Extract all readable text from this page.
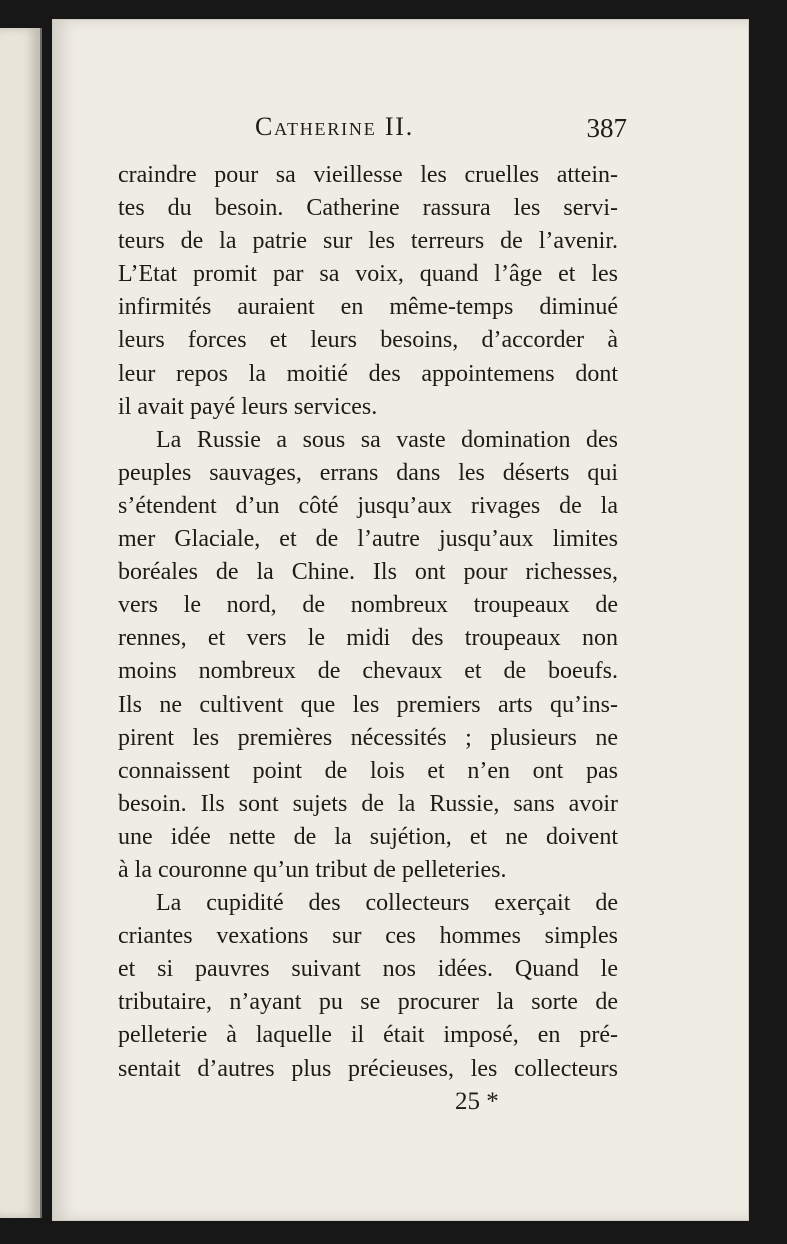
Catherine II.	387
craindre pour sa vieillesse les cruelles attein-
tes du besoin. Catherine rassura les servi-
teurs de la patrie sur les terreurs de l’avenir.
L’Etat promit par sa voix, quand l’âge et les
infirmités auraient en même-temps diminué
leurs forces et leurs besoins, d’accorder à
leur repos la moitié des appointemens dont
il avait payé leurs services.
La Russie a sous sa vaste domination des
peuples sauvages, errans dans les déserts qui
s’étendent d’un côté jusqu’aux rivages de la
mer Glaciale, et de l’autre jusqu’aux limites
boréales de la Chine. Ils ont pour richesses,
vers le nord, de nombreux troupeaux de
rennes, et vers le midi des troupeaux non
moins nombreux de chevaux et de boeufs.
Ils ne cultivent que les premiers arts qu’ins-
pirent les premières nécessités ; plusieurs ne
connaissent point de lois et n’en ont pas
besoin. Ils sont sujets de la Russie, sans avoir
une idée nette de la sujétion, et ne doivent
à la couronne qu’un tribut de pelleteries.
La cupidité des collecteurs exerçait de
criantes vexations sur ces hommes simples
et si pauvres suivant nos idées. Quand le
tributaire, n’ayant pu se procurer la sorte de
pelleterie à laquelle il était imposé, en pré-
sentait d’autres plus précieuses, les collecteurs
25 *
